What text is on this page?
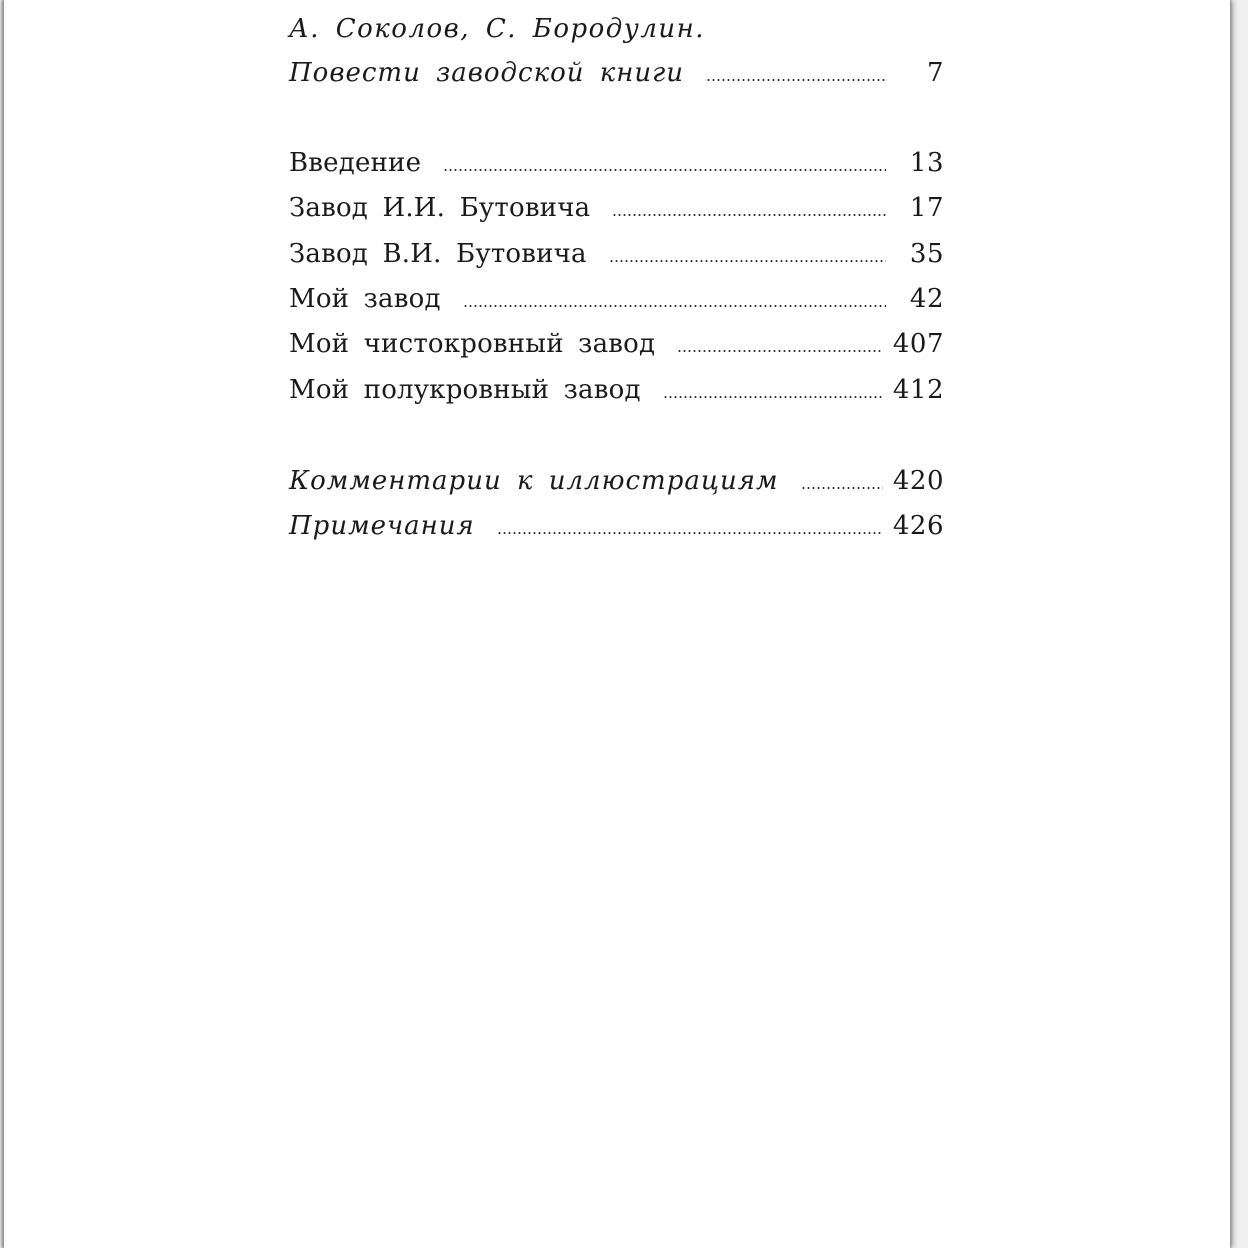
А. Соколов, С. Бородулин.
Повести заводской книги	7
Введение	13
Завод И.И. Бутовича	17
Завод В.И. Бутовича	35
Мой завод	42
Мой чистокровный завод	407
Мой полукровный завод	412
Комментарии к иллюстрациям	420
Примечания	426
